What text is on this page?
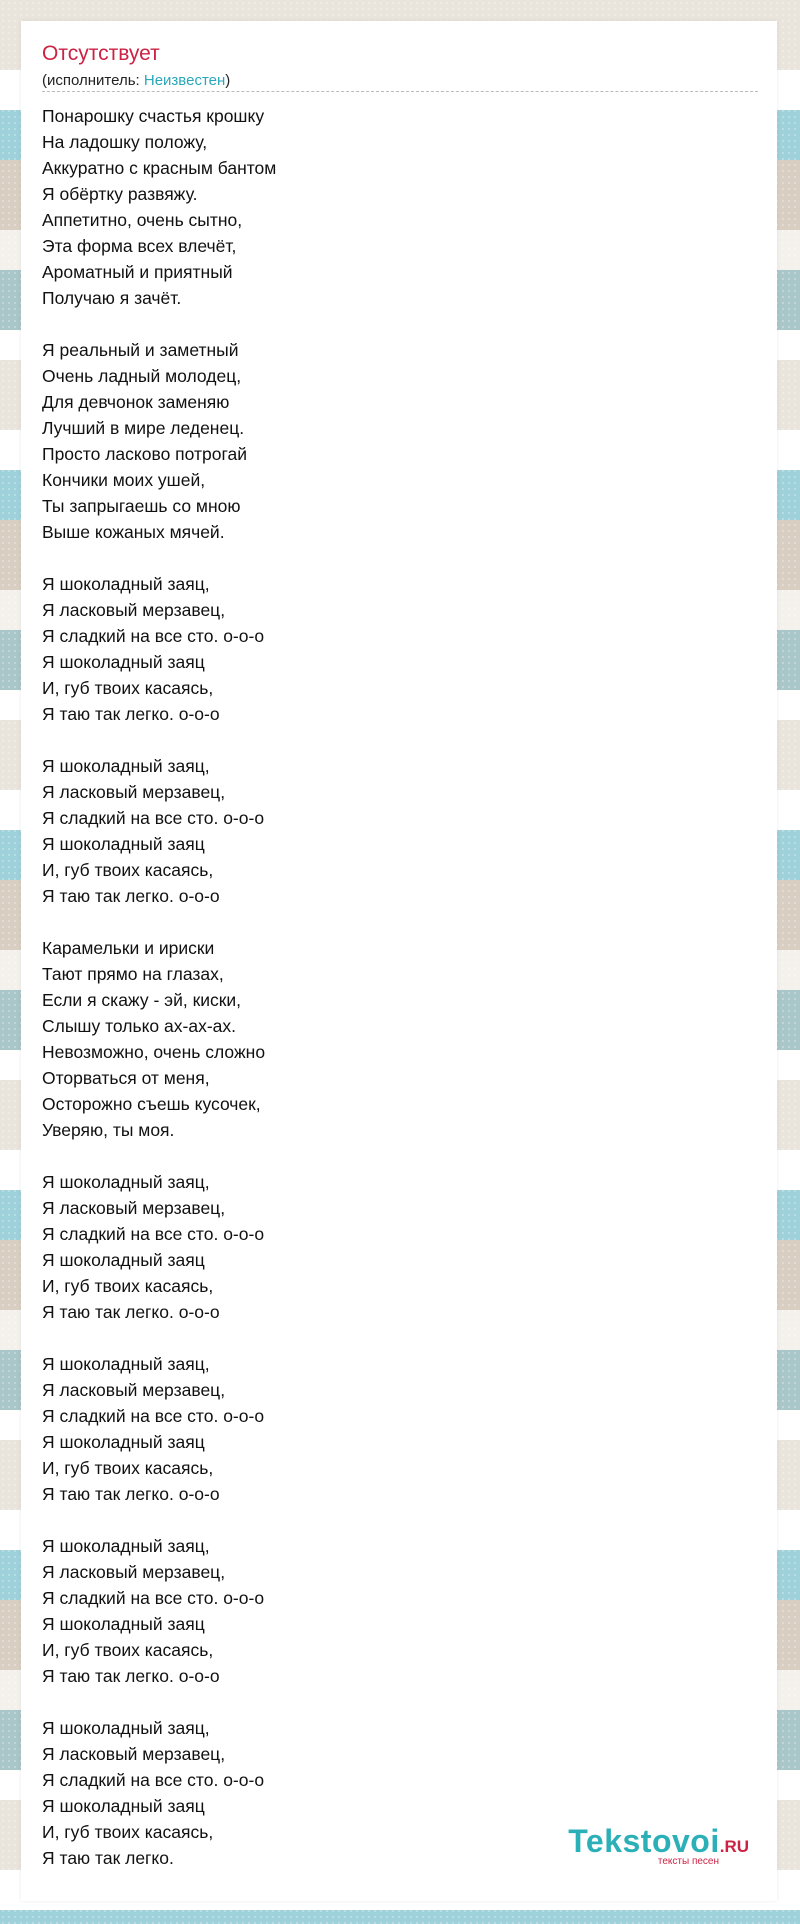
Отсутствует
(исполнитель: Неизвестен)
Понарошку счастья крошку
На ладошку положу,
Аккуратно с красным бантом
Я обёртку развяжу.
Аппетитно, очень сытно,
Эта форма всех влечёт,
Ароматный и приятный
Получаю я зачёт.
Я реальный и заметный
Очень ладный молодец,
Для девчонок заменяю
Лучший в мире леденец.
Просто ласково потрогай
Кончики моих ушей,
Ты запрыгаешь со мною
Выше кожаных мячей.
Я шоколадный заяц,
Я ласковый мерзавец,
Я сладкий на все сто. о-о-о
Я шоколадный заяц
И, губ твоих касаясь,
Я таю так легко. о-о-о
Я шоколадный заяц,
Я ласковый мерзавец,
Я сладкий на все сто. о-о-о
Я шоколадный заяц
И, губ твоих касаясь,
Я таю так легко. о-о-о
Карамельки и ириски
Тают прямо на глазах,
Если я скажу - эй, киски,
Слышу только ах-ах-ах.
Невозможно, очень сложно
Оторваться от меня,
Осторожно съешь кусочек,
Уверяю, ты моя.
Я шоколадный заяц,
Я ласковый мерзавец,
Я сладкий на все сто. о-о-о
Я шоколадный заяц
И, губ твоих касаясь,
Я таю так легко. о-о-о
Я шоколадный заяц,
Я ласковый мерзавец,
Я сладкий на все сто. о-о-о
Я шоколадный заяц
И, губ твоих касаясь,
Я таю так легко. о-о-о
Я шоколадный заяц,
Я ласковый мерзавец,
Я сладкий на все сто. о-о-о
Я шоколадный заяц
И, губ твоих касаясь,
Я таю так легко. о-о-о
Я шоколадный заяц,
Я ласковый мерзавец,
Я сладкий на все сто. о-о-о
Я шоколадный заяц
И, губ твоих касаясь,
Я таю так легко.	Tekstovoi.RU
тексты песен
